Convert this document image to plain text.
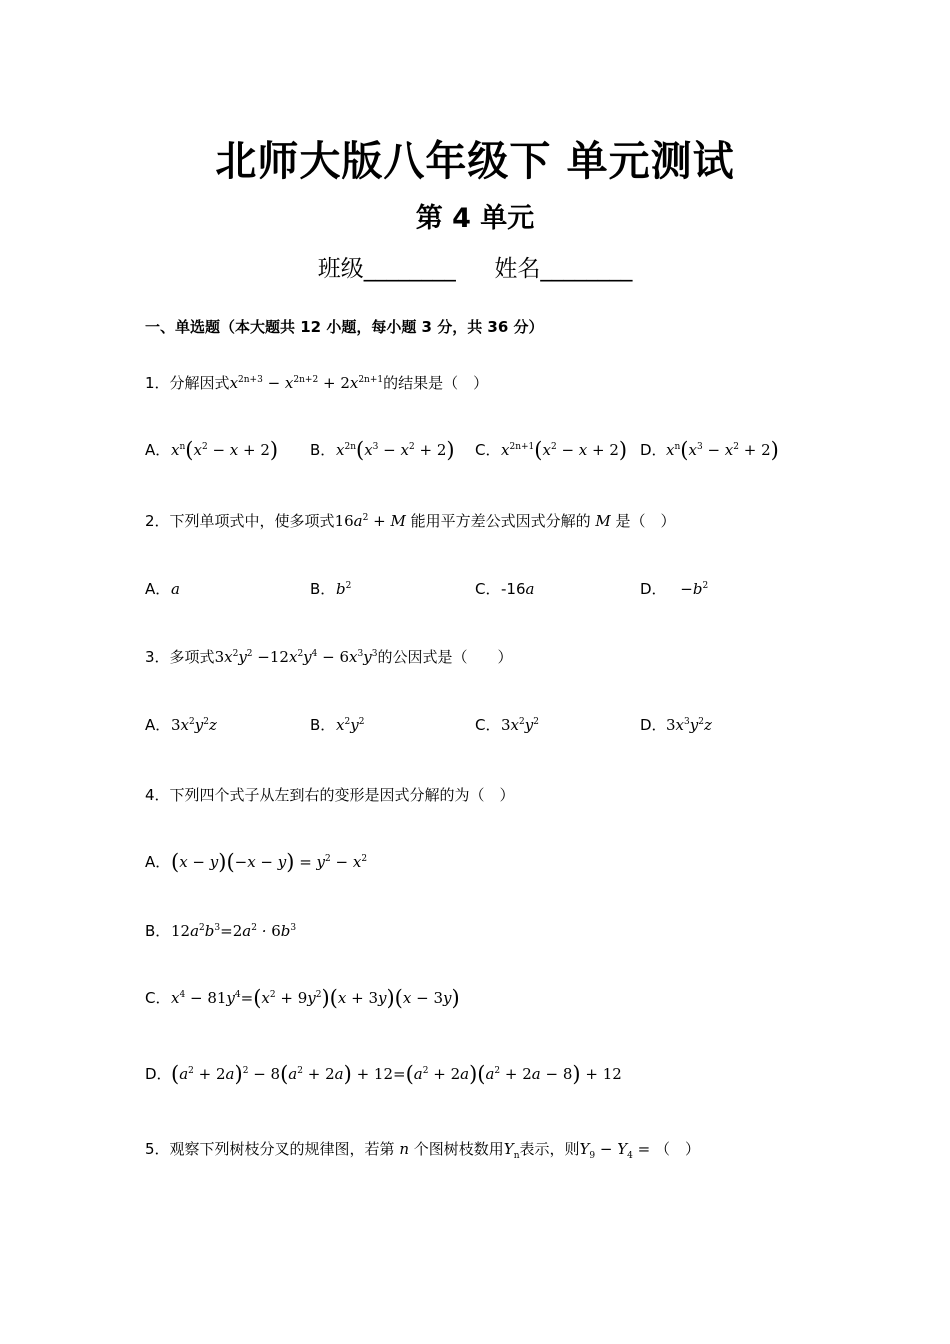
北师大版八年级下 单元测试
第 4 单元
班级________ 姓名________
一、单选题（本大题共 12 小题，每小题 3 分，共 36 分）
1．分解因式$x^{2n+3} - x^{2n+2} + 2x^{2n+1}$的结果是（　）
A．$x^n(x^2 - x + 2)$ B．$x^{2n}(x^3 - x^2 + 2)$ C．$x^{2n+1}(x^2 - x + 2)$ D．$x^n(x^3 - x^2 + 2)$
2．下列单项式中，使多项式$16a^2 + M$ 能用平方差公式因式分解的 M 是（　）
A．a	B．$b^2$	C．-16a	D．   $-b^2$
3．多项式$3x^2y^2 -12x^2y^4 - 6x^3y^3$的公因式是（　　）
A．$3x^2y^2z$	B．$x^2y^2$	C．$3x^2y^2$	D．$3x^3y^2z$
4．下列四个式子从左到右的变形是因式分解的为（　）
A．$(x - y)(-x - y) = y^2 - x^2$
B．$12a^2b^3=2a^2 \cdot 6b^3$
C．$x^4 - 81y^4=(x^2 + 9y^2)(x + 3y)(x - 3y)$
D．$(a^2 + 2a)^2 - 8(a^2 + 2a) + 12=(a^2 + 2a)(a^2 + 2a - 8) + 12$
5．观察下列树枝分叉的规律图，若第 n 个图树枝数用$Y_n$表示，则$Y_9 - Y_4$ = （　）
